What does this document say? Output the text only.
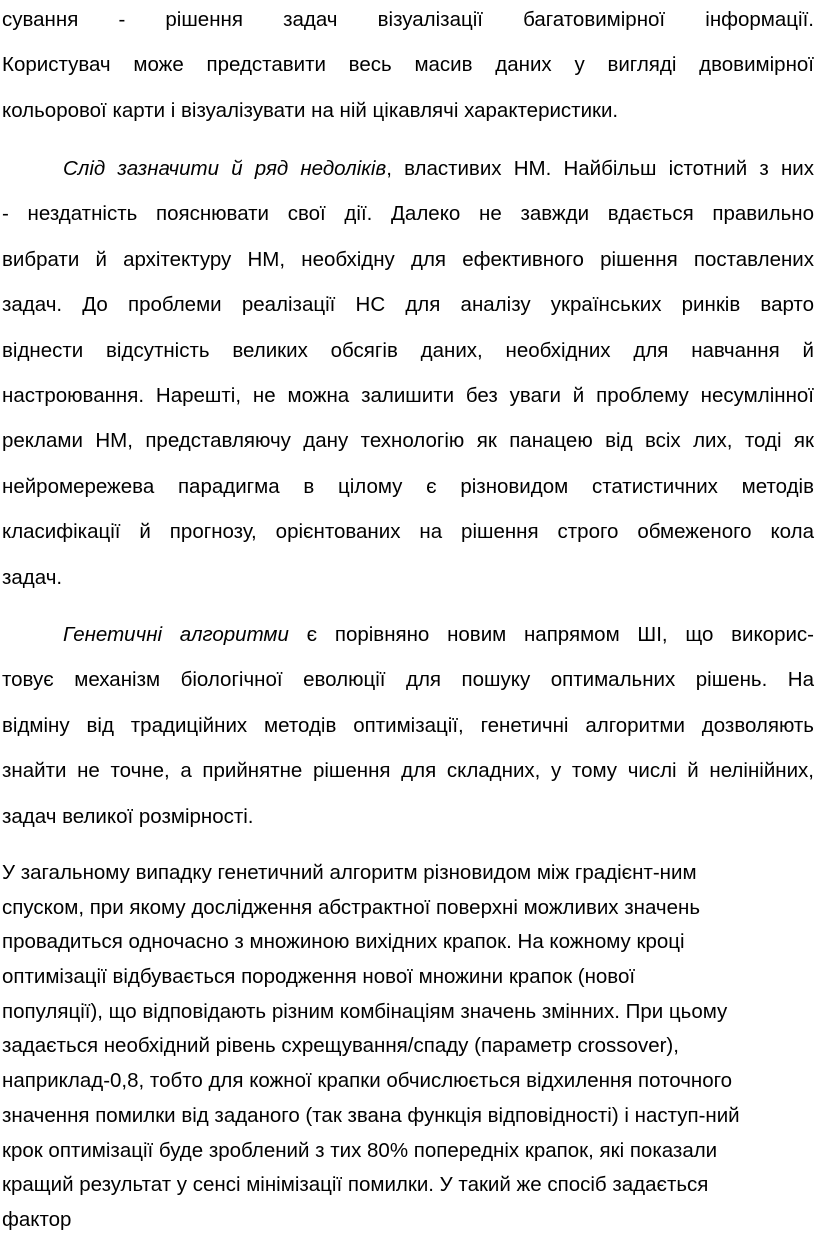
сування - рішення задач візуалізації багатовимірної інформації.
Користувач може представити весь масив даних у вигляді двовимірної
кольорової карти і візуалізувати на ній цікавлячі характеристики.
Слід зазначити й ряд недоліків, властивих НМ. Найбільш істотний з них
- нездатність пояснювати свої дії. Далеко не завжди вдається правильно
вибрати й архітектуру НМ, необхідну для ефективного рішення поставлених
задач. До проблеми реалізації НС для аналізу українських ринків варто
віднести відсутність великих обсягів даних, необхідних для навчання й
настроювання. Нарешті, не можна залишити без уваги й проблему несумлінної
реклами НМ, представляючу дану технологію як панацею від всіх лих, тоді як
нейромережева парадигма в цілому є різновидом статистичних методів
класифікації й прогнозу, орієнтованих на рішення строго обмеженого кола
задач.
Генетичні алгоритми є порівняно новим напрямом ШІ, що викорис-
товує механізм біологічної еволюції для пошуку оптимальних рішень. На
відміну від традиційних методів оптимізації, генетичні алгоритми дозволяють
знайти не точне, а прийнятне рішення для складних, у тому числі й нелінійних,
задач великої розмірності.
У загальному випадку генетичний алгоритм різновидом між градієнт-ним
спуском, при якому дослідження абстрактної поверхні можливих значень
провадиться одночасно з множиною вихідних крапок. На кожному кроці
оптимізації відбувається породження нової множини крапок (нової
популяції), що відповідають різним комбінаціям значень змінних. При цьому
задається необхідний рівень схрещування/спаду (параметр crossover),
наприклад-0,8, тобто для кожної крапки обчислюється відхилення поточного
значення помилки від заданого (так звана функція відповідності) і наступ-ний
крок оптимізації буде зроблений з тих 80% попередніх крапок, які показали
кращий результат у сенсі мінімізації помилки. У такий же спосіб задається
фактор
